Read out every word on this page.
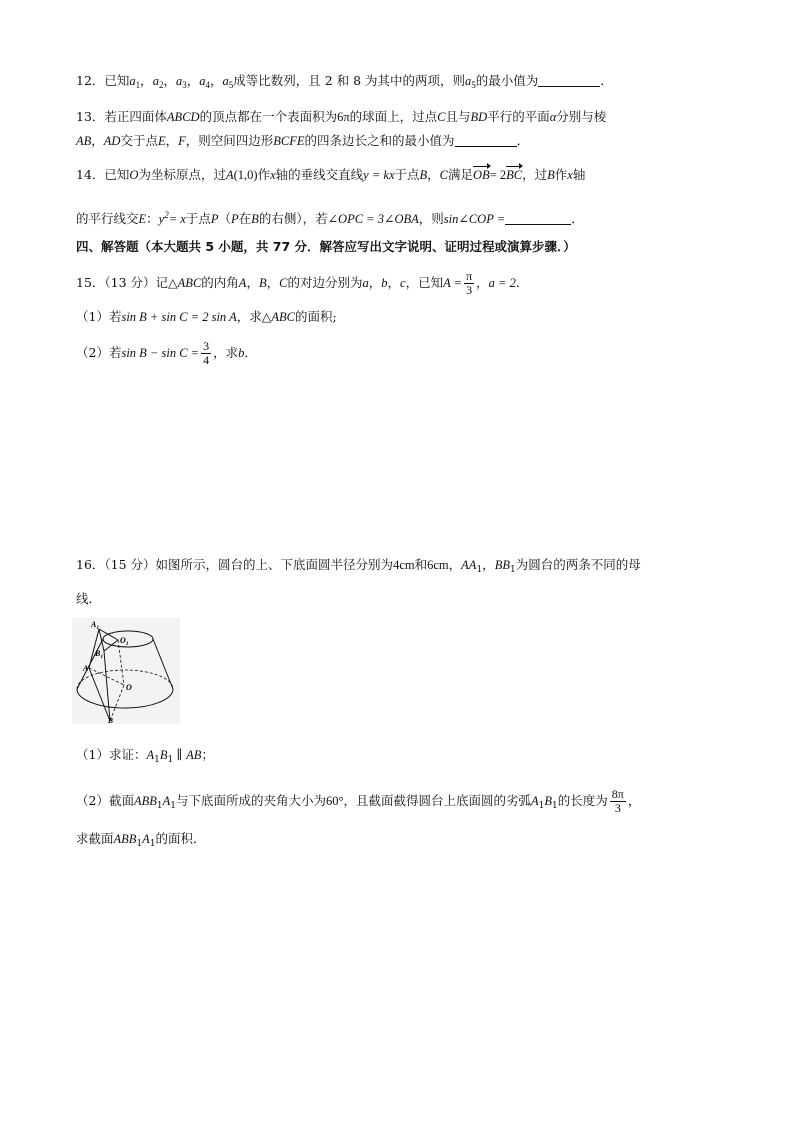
12．已知$a_1$，$a_2$，$a_3$，$a_4$，$a_5$成等比数列，且 2 和 8 为其中的两项，则$a_5$的最小值为	．
13．若正四面体ABCD的顶点都在一个表面积为6π的球面上，过点C且与BD平行的平面α分别与棱
AB，AD交于点E，F，则空间四边形BCFE的四条边长之和的最小值为	．
14．已知O为坐标原点，过A(1,0)作x轴的垂线交直线y = kx于点B，C满足OB= 2BC，过B作x轴
的平行线交E：$y^2= x$于点P（P在B的右侧），若∠OPC = 3∠OBA，则sin∠COP =	．
四、解答题（本大题共 5 小题，共 77 分．解答应写出文字说明、证明过程或演算步骤．）
15．（13 分）记△ABC的内角A，B，C的对边分别为a，b，c，已知$A = \frac{\pi}{3}$ ，a = 2．
（1）若sin B + sin C = 2 sin A，求△ABC的面积;
（2）若$\sin B - \sin C = \frac{3}{4}$ ，求b．
16．（15 分）如图所示，圆台的上、下底面圆半径分别为4cm和6cm，$AA_1$，$BB_1$为圆台的两条不同的母
线．
$A_1$
$O_1$
$B_1$
A
O
B
（1）求证：$A_1B_1$ ∥ AB；
（2）截面$ABB_1A_1$与下底面所成的夹角大小为60°，且截面截得圆台上底面圆的劣弧$A_1B_1$的长度为 $\frac{8\pi}{3}$ ，
求截面$ABB_1A_1$的面积．
